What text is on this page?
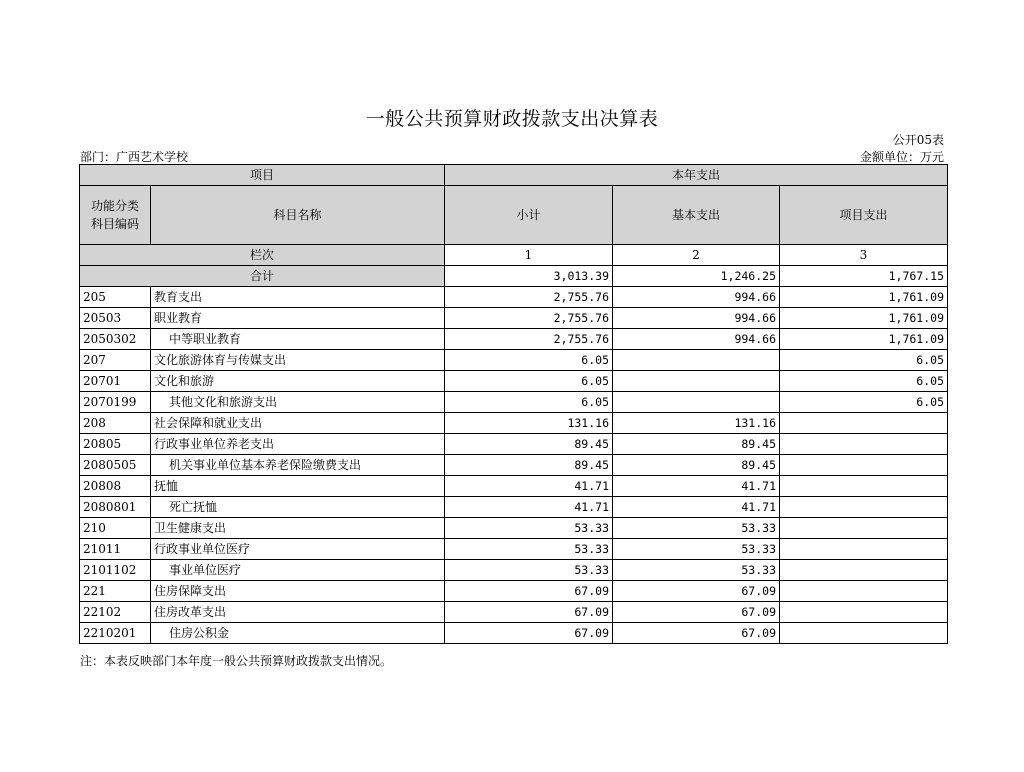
一般公共预算财政拨款支出决算表
公开05表
部门：广西艺术学校	金额单位：万元
项目		本年支出		
功能分类
科目编码	科目名称	小计	基本支出	项目支出
栏次		1	2	3
合计		3,013.39	1,246.25	1,767.15
205	教育支出	2,755.76	994.66	1,761.09
20503	职业教育	2,755.76	994.66	1,761.09
2050302	中等职业教育	2,755.76	994.66	1,761.09
207	文化旅游体育与传媒支出	6.05		6.05
20701	文化和旅游	6.05		6.05
2070199	其他文化和旅游支出	6.05		6.05
208	社会保障和就业支出	131.16	131.16	
20805	行政事业单位养老支出	89.45	89.45	
2080505	机关事业单位基本养老保险缴费支出	89.45	89.45	
20808	抚恤	41.71	41.71	
2080801	死亡抚恤	41.71	41.71	
210	卫生健康支出	53.33	53.33	
21011	行政事业单位医疗	53.33	53.33	
2101102	事业单位医疗	53.33	53.33	
221	住房保障支出	67.09	67.09	
22102	住房改革支出	67.09	67.09	
2210201	住房公积金	67.09	67.09	
注：本表反映部门本年度一般公共预算财政拨款支出情况。
